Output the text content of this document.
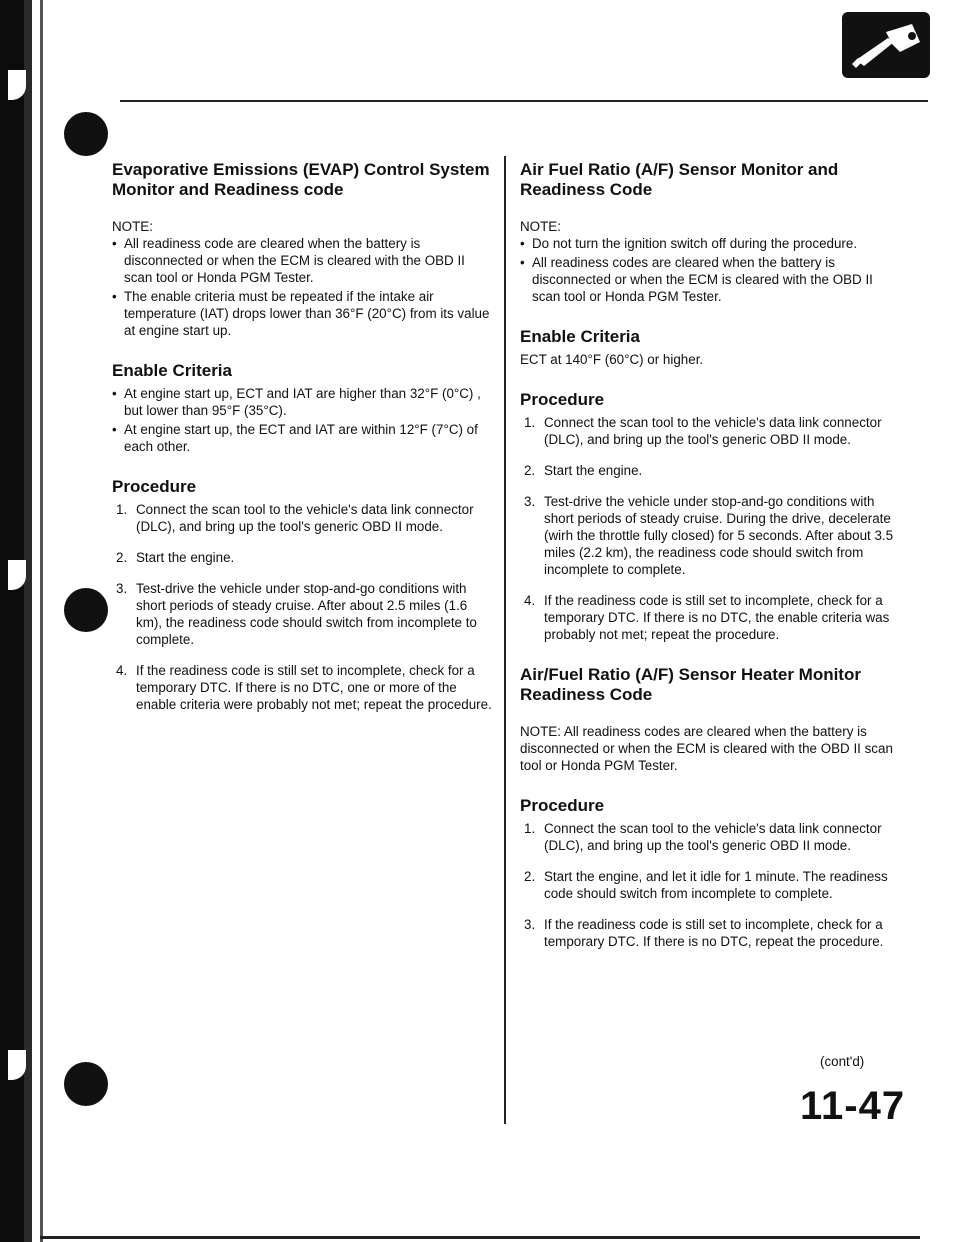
Evaporative Emissions (EVAP) Control System Monitor and Readiness code
NOTE:
• All readiness code are cleared when the battery is disconnected or when the ECM is cleared with the OBD II scan tool or Honda PGM Tester.
• The enable criteria must be repeated if the intake air temperature (IAT) drops lower than 36°F (20°C) from its value at engine start up.
Enable Criteria
• At engine start up, ECT and IAT are higher than 32°F (0°C) , but lower than 95°F (35°C).
• At engine start up, the ECT and IAT are within 12°F (7°C) of each other.
Procedure
1. Connect the scan tool to the vehicle's data link connector (DLC), and bring up the tool's generic OBD II mode.
2. Start the engine.
3. Test-drive the vehicle under stop-and-go conditions with short periods of steady cruise. After about 2.5 miles (1.6 km), the readiness code should switch from incomplete to complete.
4. If the readiness code is still set to incomplete, check for a temporary DTC. If there is no DTC, one or more of the enable criteria were probably not met; repeat the procedure.
Air Fuel Ratio (A/F) Sensor Monitor and Readiness Code
NOTE:
• Do not turn the ignition switch off during the procedure.
• All readiness codes are cleared when the battery is disconnected or when the ECM is cleared with the OBD II scan tool or Honda PGM Tester.
Enable Criteria

ECT at 140°F (60°C) or higher.

Procedure
1. Connect the scan tool to the vehicle's data link connector (DLC), and bring up the tool's generic OBD II mode.
2. Start the engine.
3. Test-drive the vehicle under stop-and-go conditions with short periods of steady cruise. During the drive, decelerate (wirh the throttle fully closed) for 5 seconds. After about 3.5 miles (2.2 km), the readiness code should switch from incomplete to complete.
4. If the readiness code is still set to incomplete, check for a temporary DTC. If there is no DTC, the enable criteria was probably not met; repeat the procedure.
Air/Fuel Ratio (A/F) Sensor Heater Monitor Readiness Code

NOTE: All readiness codes are cleared when the battery is disconnected or when the ECM is cleared with the OBD II scan tool or Honda PGM Tester.

Procedure
1. Connect the scan tool to the vehicle's data link connector (DLC), and bring up the tool's generic OBD II mode.
2. Start the engine, and let it idle for 1 minute. The readiness code should switch from incomplete to complete.
3. If the readiness code is still set to incomplete, check for a temporary DTC. If there is no DTC, repeat the procedure.
(cont'd)
11-47
